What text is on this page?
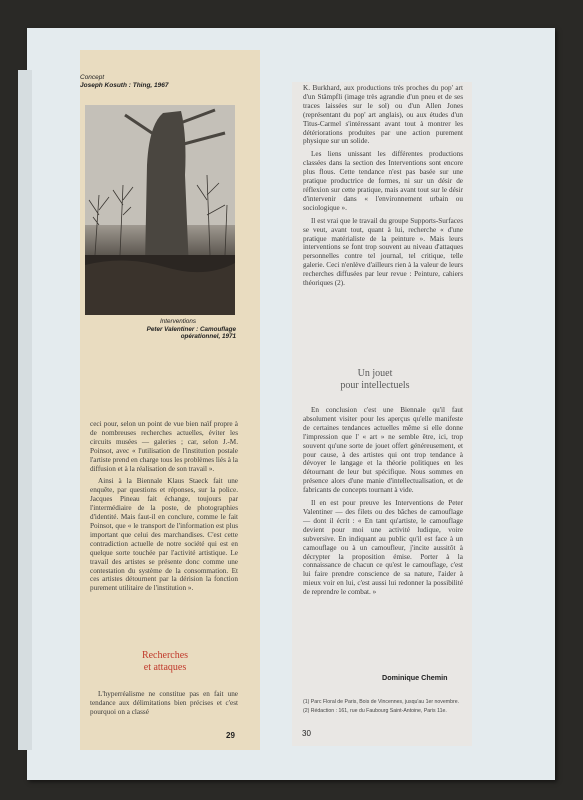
Concept
Joseph Kosuth : Thing, 1967
Interventions
Peter Valentiner : Camouflage
opérationnel, 1971

ceci pour, selon un point de vue bien naïf propre à de nombreuses recherches actuelles, éviter les circuits musées — galeries ; car, selon J.-M. Poinsot, avec « l'utilisation de l'institution postale l'artiste prend en charge tous les problèmes liés à la diffusion et à la réalisation de son travail ».

Ainsi à la Biennale Klaus Staeck fait une enquête, par questions et réponses, sur la police. Jacques Pineau fait échange, toujours par l'intermédiaire de la poste, de photographies d'identité. Mais faut-il en conclure, comme le fait Poinsot, que « le transport de l'information est plus important que celui des marchandises. C'est cette contradiction actuelle de notre société qui est en quelque sorte touchée par l'activité artistique. Le travail des artistes se présente donc comme une contestation du système de la consommation. Et ces artistes détournent par la dérision la fonction purement utilitaire de l'institution ».

Recherches
et attaques

L'hyperréalisme ne constitue pas en fait une tendance aux délimitations bien précises et c'est pourquoi on a classé

29

K. Burkhard, aux productions très proches du pop' art d'un Stämpfli (image très agrandie d'un pneu et de ses traces laissées sur le sol) ou d'un Allen Jones (représentant du pop' art anglais), ou aux études d'un Titus-Carmel s'intéressant avant tout à montrer les détériorations produites par une action purement physique sur un solide.

Les liens unissant les différentes productions classées dans la section des Interventions sont encore plus flous. Cette tendance n'est pas basée sur une pratique productrice de formes, ni sur un désir de réflexion sur cette pratique, mais avant tout sur le désir d'intervenir dans « l'environnement urbain ou sociologique ».

Il est vrai que le travail du groupe Supports-Surfaces se veut, avant tout, quant à lui, recherche « d'une pratique matérialiste de la peinture ». Mais leurs interventions se font trop souvent au niveau d'attaques personnelles contre tel journal, tel critique, telle galerie. Ceci n'enlève d'ailleurs rien à la valeur de leurs recherches diffusées par leur revue : Peinture, cahiers théoriques (2).

Un jouet
pour intellectuels

En conclusion c'est une Biennale qu'il faut absolument visiter pour les aperçus qu'elle manifeste de certaines tendances actuelles même si elle donne l'impression que l' « art » ne semble être, ici, trop souvent qu'une sorte de jouet offert généreusement, et pour cause, à des artistes qui ont trop tendance à dévoyer le langage et la théorie politiques en les détournant de leur but spécifique. Nous sommes en présence alors d'une manie d'intellectualisation, et de fabricants de concepts tournant à vide.

Il en est pour preuve les Interventions de Peter Valentiner — des filets ou des bâches de camouflage — dont il écrit : « En tant qu'artiste, le camouflage devient pour moi une activité ludique, voire subversive. En indiquant au public qu'il est face à un camouflage ou à un camoufleur, j'incite aussitôt à décrypter la proposition émise. Porter à la connaissance de chacun ce qu'est le camouflage, c'est lui faire prendre conscience de sa nature, l'aider à mieux voir en lui, c'est aussi lui redonner la possibilité de reprendre le combat. »

Dominique Chemin
(1) Parc Floral de Paris, Bois de Vincennes, jusqu'au 1er novembre.
(2) Rédaction : 161, rue du Faubourg Saint-Antoine, Paris 11e.
30
